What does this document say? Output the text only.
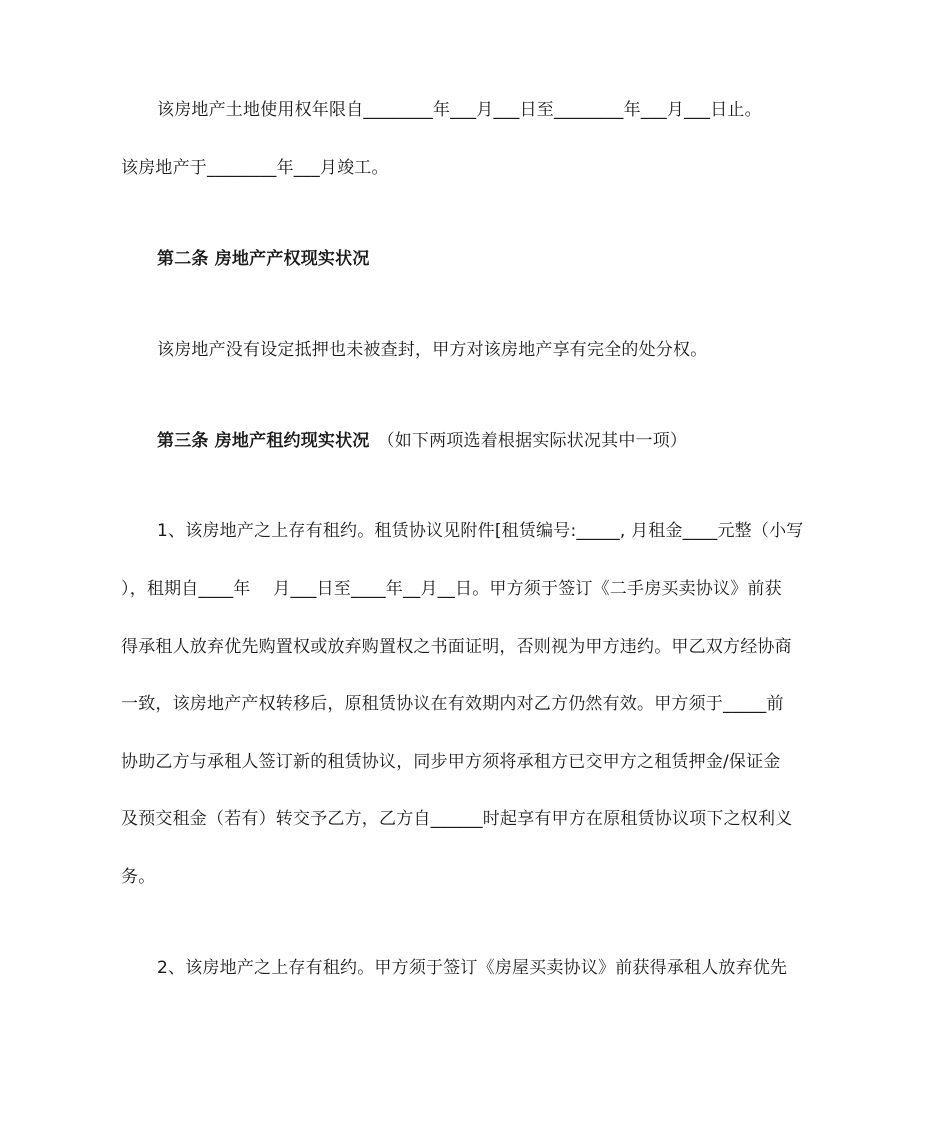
该房地产土地使用权年限自________年___月___日至________年___月___日止。
该房地产于________年___月竣工。
第二条 房地产产权现实状况
该房地产没有设定抵押也未被查封，甲方对该房地产享有完全的处分权。
第三条 房地产租约现实状况 （如下两项选着根据实际状况其中一项）
1、该房地产之上存有租约。租赁协议见附件[租赁编号:_____, 月租金____元整（小写
），租期自____年　 月___日至____年__月__日。甲方须于签订《二手房买卖协议》前获
得承租人放弃优先购置权或放弃购置权之书面证明，否则视为甲方违约。甲乙双方经协商
一致，该房地产产权转移后，原租赁协议在有效期内对乙方仍然有效。甲方须于_____前
协助乙方与承租人签订新的租赁协议，同步甲方须将承租方已交甲方之租赁押金/保证金
及预交租金（若有）转交予乙方，乙方自______时起享有甲方在原租赁协议项下之权利义
务。
2、该房地产之上存有租约。甲方须于签订《房屋买卖协议》前获得承租人放弃优先
